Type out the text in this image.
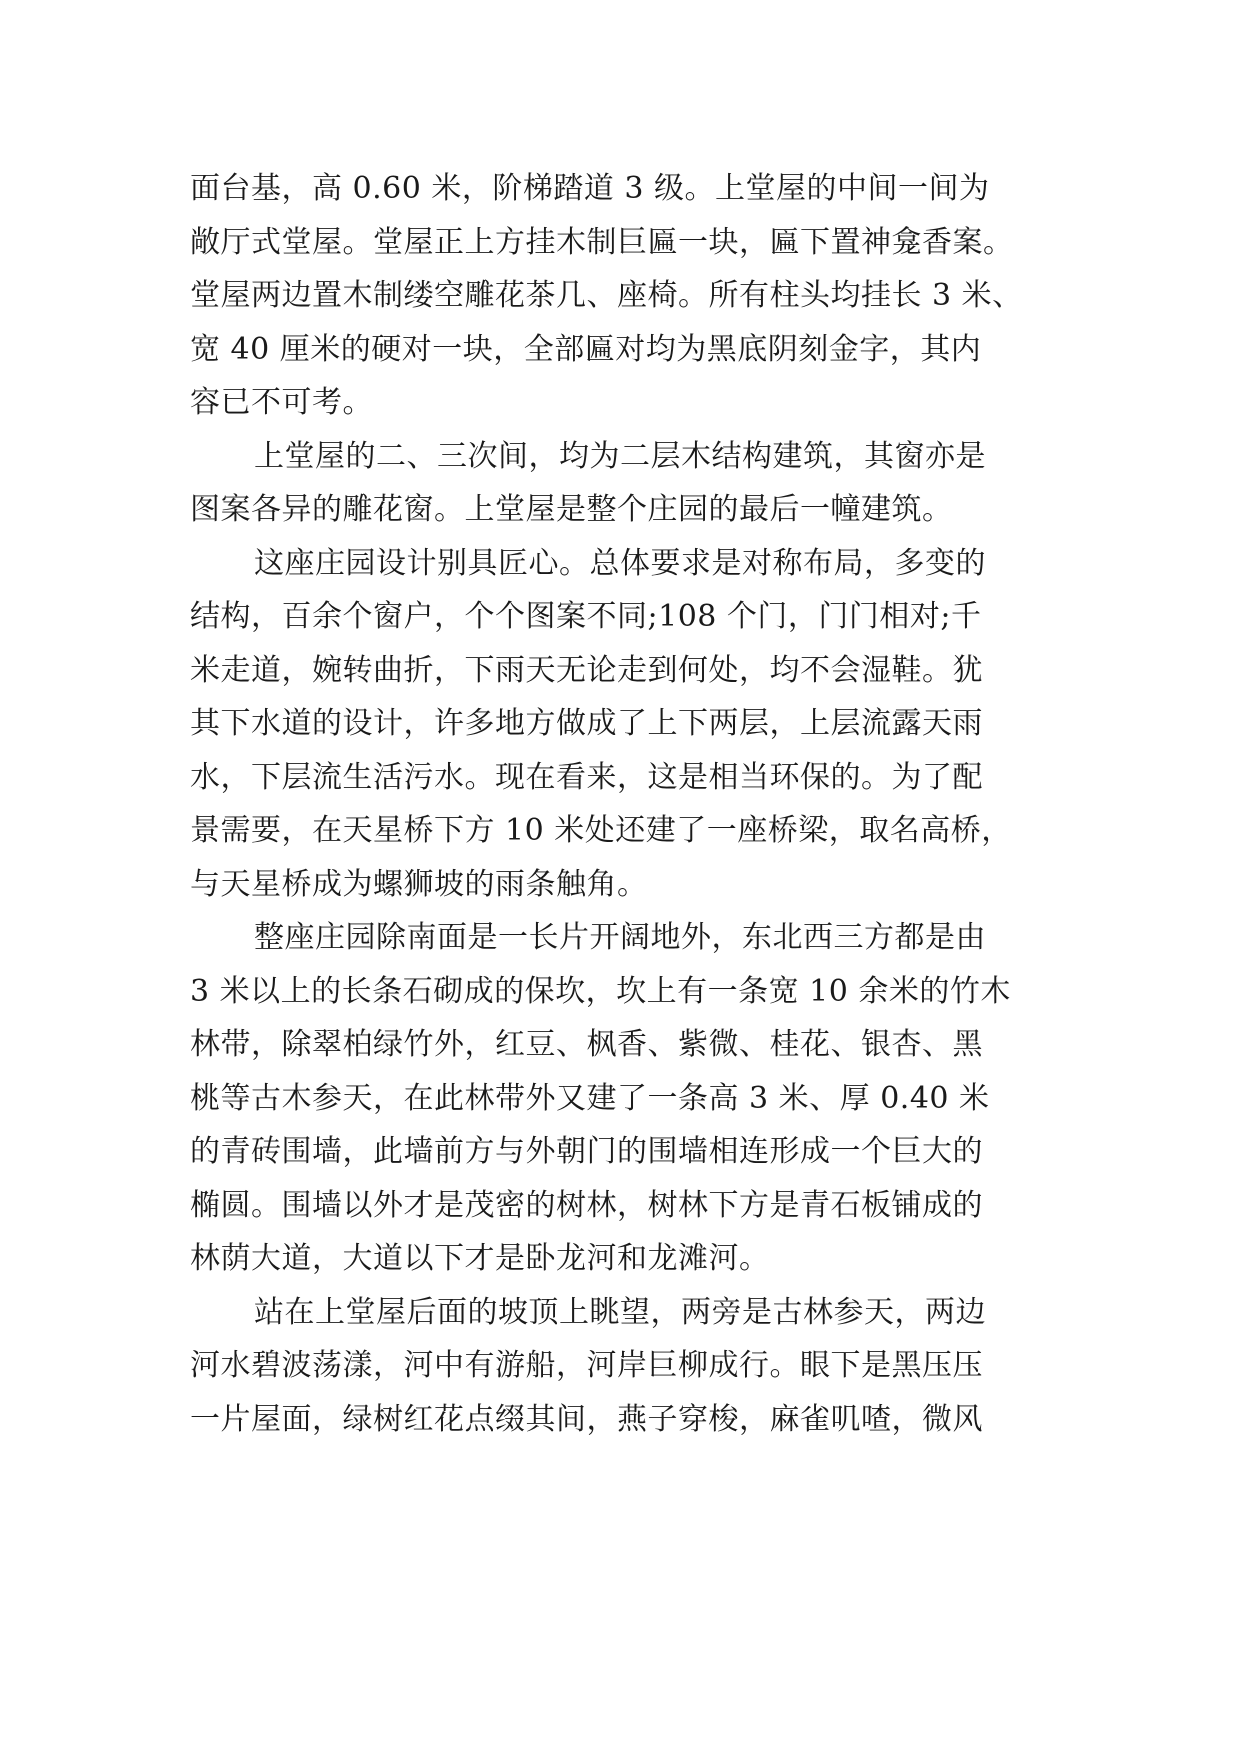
面台基，高 0.60 米，阶梯踏道 3 级。上堂屋的中间一间为
敞厅式堂屋。堂屋正上方挂木制巨匾一块，匾下置神龛香案。
堂屋两边置木制缕空雕花茶几、座椅。所有柱头均挂长 3 米、
宽 40 厘米的硬对一块，全部匾对均为黑底阴刻金字，其内
容已不可考。
上堂屋的二、三次间，均为二层木结构建筑，其窗亦是
图案各异的雕花窗。上堂屋是整个庄园的最后一幢建筑。
这座庄园设计别具匠心。总体要求是对称布局，多变的
结构，百余个窗户，个个图案不同;108 个门，门门相对;千
米走道，婉转曲折，下雨天无论走到何处，均不会湿鞋。犹
其下水道的设计，许多地方做成了上下两层，上层流露天雨
水，下层流生活污水。现在看来，这是相当环保的。为了配
景需要，在天星桥下方 10 米处还建了一座桥梁，取名高桥，
与天星桥成为螺狮坡的雨条触角。
整座庄园除南面是一长片开阔地外，东北西三方都是由
3 米以上的长条石砌成的保坎，坎上有一条宽 10 余米的竹木
林带，除翠柏绿竹外，红豆、枫香、紫微、桂花、银杏、黑
桃等古木参天，在此林带外又建了一条高 3 米、厚 0.40 米
的青砖围墙，此墙前方与外朝门的围墙相连形成一个巨大的
椭圆。围墙以外才是茂密的树林，树林下方是青石板铺成的
林荫大道，大道以下才是卧龙河和龙滩河。
站在上堂屋后面的坡顶上眺望，两旁是古林参天，两边
河水碧波荡漾，河中有游船，河岸巨柳成行。眼下是黑压压
一片屋面，绿树红花点缀其间，燕子穿梭，麻雀叽喳，微风
